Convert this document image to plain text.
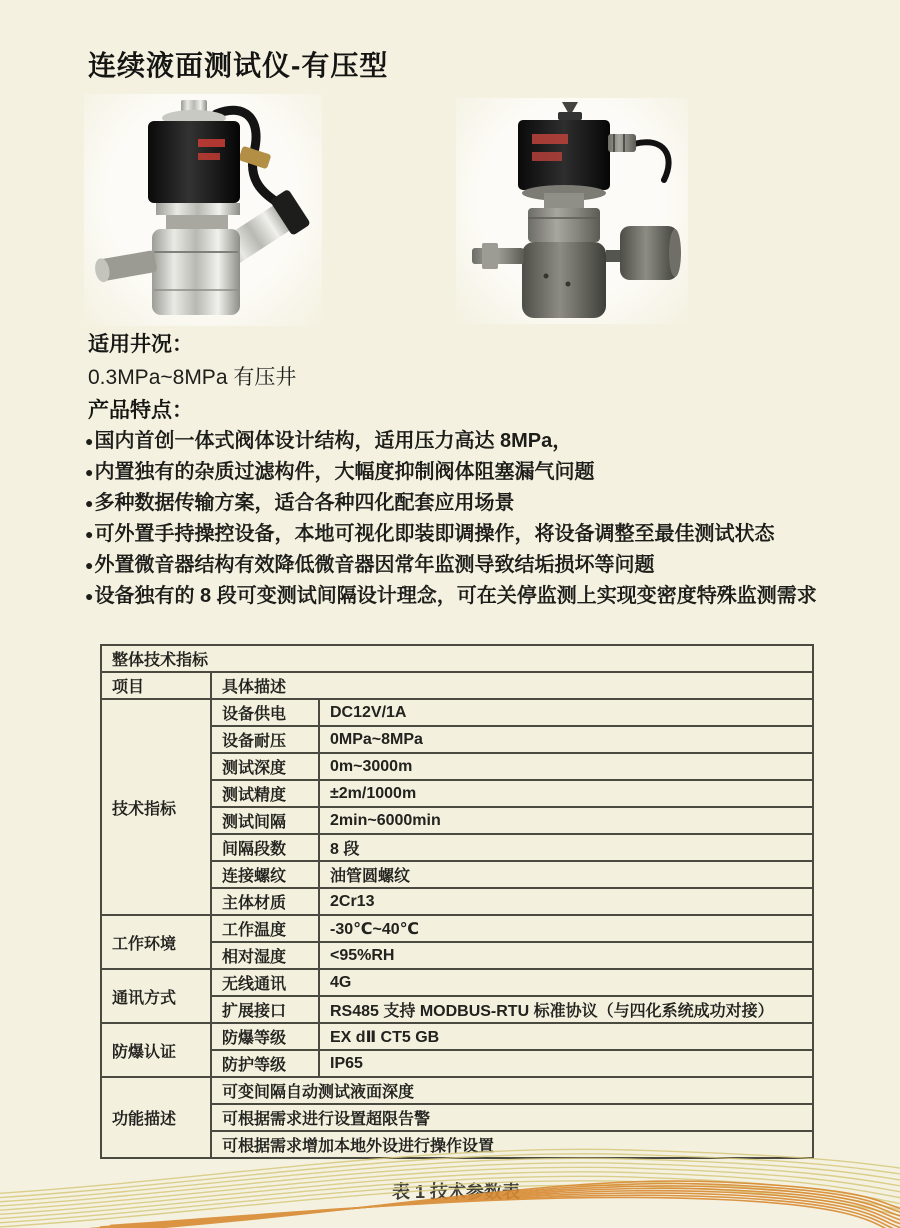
连续液面测试仪-有压型
适用井况：
0.3MPa~8MPa 有压井
产品特点：
●国内首创一体式阀体设计结构，适用压力高达 8MPa，
●内置独有的杂质过滤构件，大幅度抑制阀体阻塞漏气问题
●多种数据传输方案，适合各种四化配套应用场景
●可外置手持操控设备，本地可视化即装即调操作，将设备调整至最佳测试状态
●外置微音器结构有效降低微音器因常年监测导致结垢损坏等问题
●设备独有的 8 段可变测试间隔设计理念，可在关停监测上实现变密度特殊监测需求
整体技术指标		
项目	具体描述	
技术指标	设备供电	DC12V/1A
	设备耐压	0MPa~8MPa
	测试深度	0m~3000m
	测试精度	±2m/1000m
	测试间隔	2min~6000min
	间隔段数	8 段
	连接螺纹	油管圆螺纹
	主体材质	2Cr13
工作环境	工作温度	-30℃~40℃
	相对湿度	<95%RH
通讯方式	无线通讯	4G
	扩展接口	RS485 支持 MODBUS-RTU 标准协议（与四化系统成功对接）
防爆认证	防爆等级	EX dⅡ CT5 GB
	防护等级	IP65
功能描述	可变间隔自动测试液面深度	
	可根据需求进行设置超限告警	
	可根据需求增加本地外设进行操作设置	
表 1 技术参数表
